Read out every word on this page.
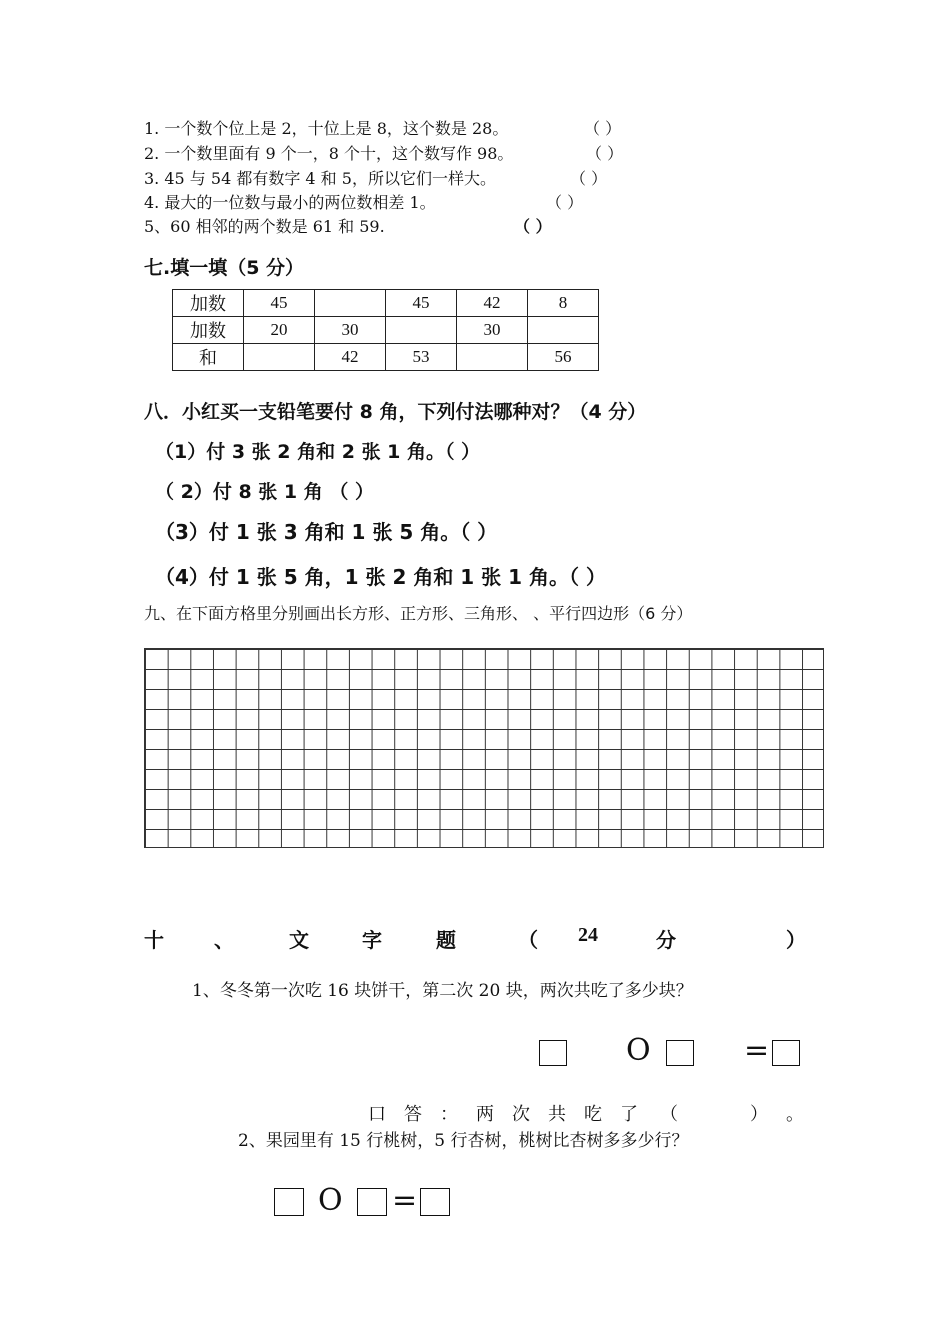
1. 一个数个位上是 2，十位上是 8，这个数是 28。	（ ）
2. 一个数里面有 9 个一，8 个十，这个数写作 98。	（ ）
3. 45 与 54 都有数字 4 和 5，所以它们一样大。	（ ）
4. 最大的一位数与最小的两位数相差 1。	（ ）
5、60 相邻的两个数是 61 和 59.	（ ）
七.填一填（5 分）
加数	45		45	42	8
加数	20	30		30	
和		42	53		56
八．小红买一支铅笔要付 8 角，下列付法哪种对？（4 分）
（1）付 3 张 2 角和 2 张 1 角。（ ）
（ 2）付 8 张 1 角 （ ）
（3）付 1 张 3 角和 1 张 5 角。（ ）
（4）付 1 张 5 角，1 张 2 角和 1 张 1 角。（ ）
九、在下面方格里分别画出长方形、正方形、三角形、 、平行四边形（6 分）
十	、	文	字	题	（ 24	分	）
1、冬冬第一次吃 16 块饼干，第二次 20 块，两次共吃了多少块？
O	=
口 答 ： 两 次 共 吃 了 （	） 。
2、果园里有 15 行桃树，5 行杏树，桃树比杏树多多少行？
O =
